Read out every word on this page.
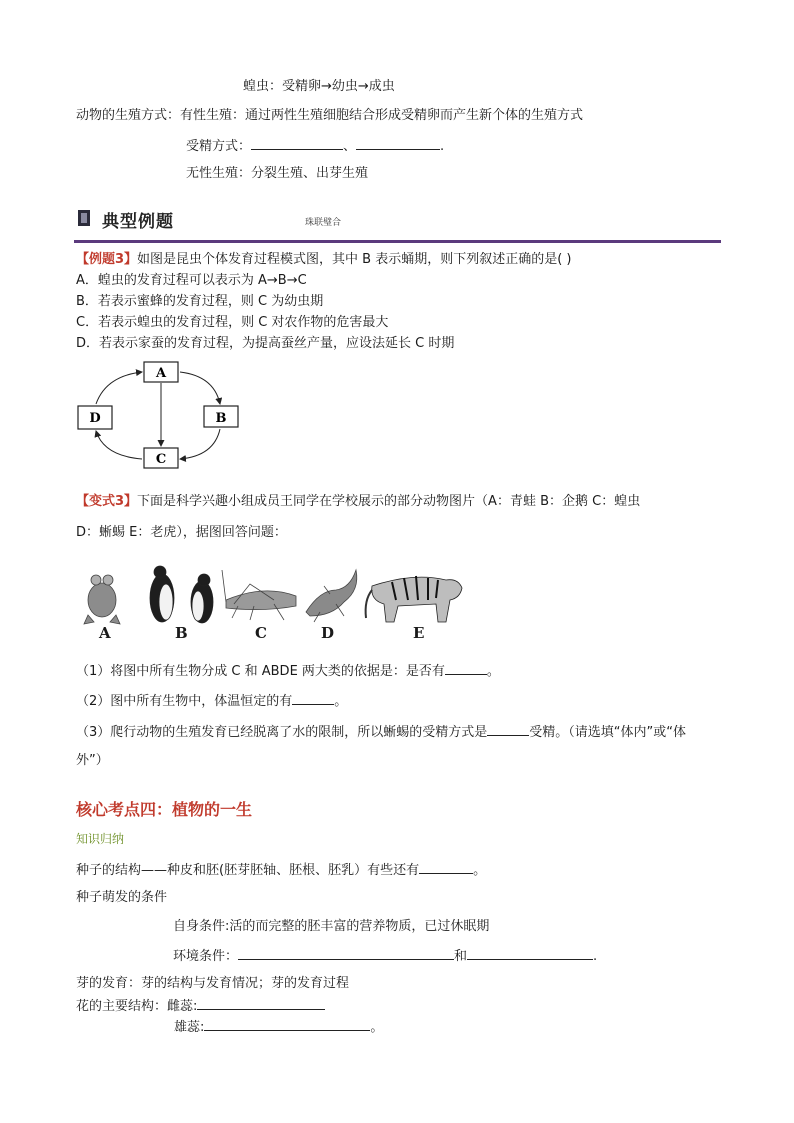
蝗虫：受精卵→幼虫→成虫
动物的生殖方式：有性生殖：通过两性生殖细胞结合形成受精卵而产生新个体的生殖方式
受精方式：	、	.
无性生殖：分裂生殖、出芽生殖
典型例题	珠联璧合
【例题3】如图是昆虫个体发育过程模式图，其中 B 表示蛹期，则下列叙述正确的是( )
A．蝗虫的发育过程可以表示为 A→B→C
B．若表示蜜蜂的发育过程，则 C 为幼虫期
C．若表示蝗虫的发育过程，则 C 对农作物的危害最大
D．若表示家蚕的发育过程，为提高蚕丝产量，应设法延长 C 时期
A
B
C
D
【变式3】下面是科学兴趣小组成员王同学在学校展示的部分动物图片（A：青蛙 B：企鹅 C：蝗虫
D：蜥蜴 E：老虎），据图回答问题：
A	B	C	D	E
（1）将图中所有生物分成 C 和 ABDE 两大类的依据是：是否有	。
（2）图中所有生物中，体温恒定的有	。
（3）爬行动物的生殖发育已经脱离了水的限制，所以蜥蜴的受精方式是	受精。（请选填“体内”或“体
外”）
核心考点四：植物的一生
知识归纳
种子的结构——种皮和胚(胚芽胚轴、胚根、胚乳）有些还有	。
种子萌发的条件
自身条件:活的而完整的胚丰富的营养物质，已过休眠期
环境条件：	和	.
芽的发育：芽的结构与发育情况；芽的发育过程
花的主要结构：雌蕊:
雄蕊:	。
